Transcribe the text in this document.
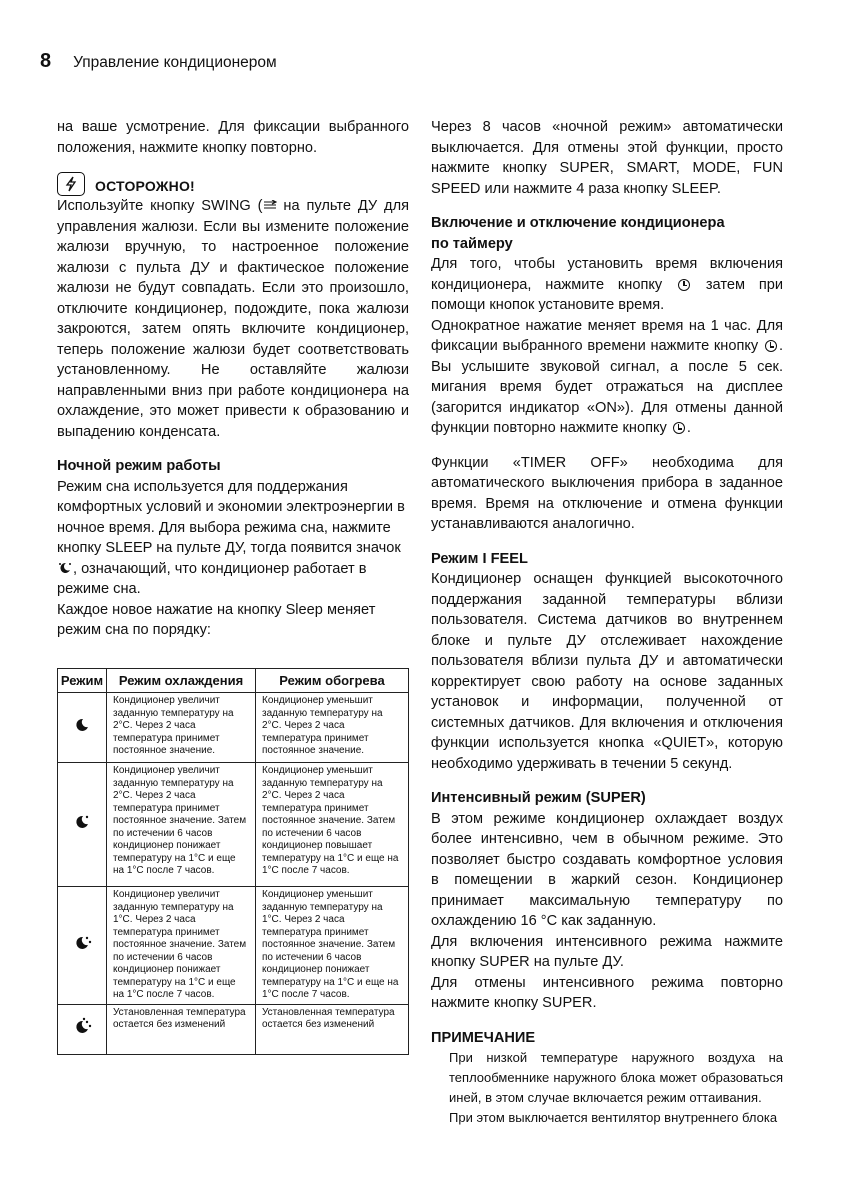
8 Управление кондиционером

на ваше усмотрение. Для фиксации выбранного положения, нажмите кнопку повторно.

ОСТОРОЖНО!

Используйте кнопку SWING ( на пульте ДУ для управления жалюзи. Если вы измените положение жалюзи вручную, то настроенное положение жалюзи с пульта ДУ и фактическое положение жалюзи не будут совпадать. Если это произошло, отключите кондиционер, подождите, пока жалюзи закроются, затем опять включите кондиционер, теперь положение жалюзи будет соответствовать установленному. Не оставляйте жалюзи направленными вниз при работе кондиционера на охлаждение, это может привести к образованию и выпадению конденсата.

Ночной режим работы

Режим сна используется для поддержания комфортных условий и экономии электроэнергии в ночное время. Для выбора режима сна, нажмите кнопку SLEEP на пульте ДУ, тогда появится значок , означающий, что кондиционер работает в режиме сна.

Каждое новое нажатие на кнопку Sleep меняет режим сна по порядку:

Режим	Режим охлаждения	Режим обогрева
	Кондиционер увеличит заданную температуру на 2°С. Через 2 часа температура принимет постоянное значение.	Кондиционер уменьшит заданную температуру на 2°С. Через 2 часа температура принимет постоянное значение.
	Кондиционер увеличит заданную температуру на 2°С. Через 2 часа температура принимет постоянное значение. Затем по истечении 6 часов кондиционер понижает температуру на 1°С и еще на 1°С после 7 часов.	Кондиционер уменьшит заданную температуру на 2°С. Через 2 часа температура принимет постоянное значение. Затем по истечении 6 часов кондиционер повышает температуру на 1°С и еще на 1°С после 7 часов.
	Кондиционер увеличит заданную температуру на 1°С. Через 2 часа температура принимет постоянное значение. Затем по истечении 6 часов кондиционер понижает температуру на 1°С и еще на 1°С после 7 часов.	Кондиционер уменьшит заданную температуру на 1°С. Через 2 часа температура принимет постоянное значение. Затем по истечении 6 часов кондиционер понижает температуру на 1°С и еще на 1°С после 7 часов.
	Установленная температура остается без изменений	Установленная температура остается без изменений

Через 8 часов «ночной режим» автоматически выключается. Для отмены этой функции, просто нажмите кнопку SUPER, SMART, MODE, FUN SPEED или нажмите 4 раза кнопку SLEEP.

Включение и отключение кондиционера
по таймеру

Для того, чтобы установить время включения кондиционера, нажмите кнопку  затем при помощи кнопок установите время.

Однократное нажатие меняет время на 1 час. Для фиксации выбранного времени нажмите кнопку . Вы услышите звуковой сигнал, а после 5 сек. мигания время будет отражаться на дисплее (загорится индикатор «ON»). Для отмены данной функции повторно нажмите кнопку .

Функции «TIMER OFF» необходима для автоматического выключения прибора в заданное время. Время на отключение и отмена функции устанавливаются аналогично.

Режим I FEEL

Кондиционер оснащен функцией высокоточного поддержания заданной температуры вблизи пользователя. Система датчиков во внутреннем блоке и пульте ДУ отслеживает нахождение пользователя вблизи пульта ДУ и автоматически корректирует свою работу на основе заданных установок и информации, полученной от системных датчиков. Для включения и отключения функции используется кнопка «QUIET», которую необходимо удерживать в течении 5 секунд.

Интенсивный режим (SUPER)

В этом режиме кондиционер охлаждает воздух более интенсивно, чем в обычном режиме. Это позволяет быстро создавать комфортное условия в помещении в жаркий сезон. Кондиционер принимает максимальную температуру по охлаждению 16 °С как заданную.

Для включения интенсивного режима нажмите кнопку SUPER на пульте ДУ.

Для отмены интенсивного режима повторно нажмите кнопку SUPER.

ПРИМЕЧАНИЕ

При низкой температуре наружного воздуха на теплообменнике наружного блока может образоваться иней, в этом случае включается режим оттаивания.

При этом выключается вентилятор внутреннего блока
